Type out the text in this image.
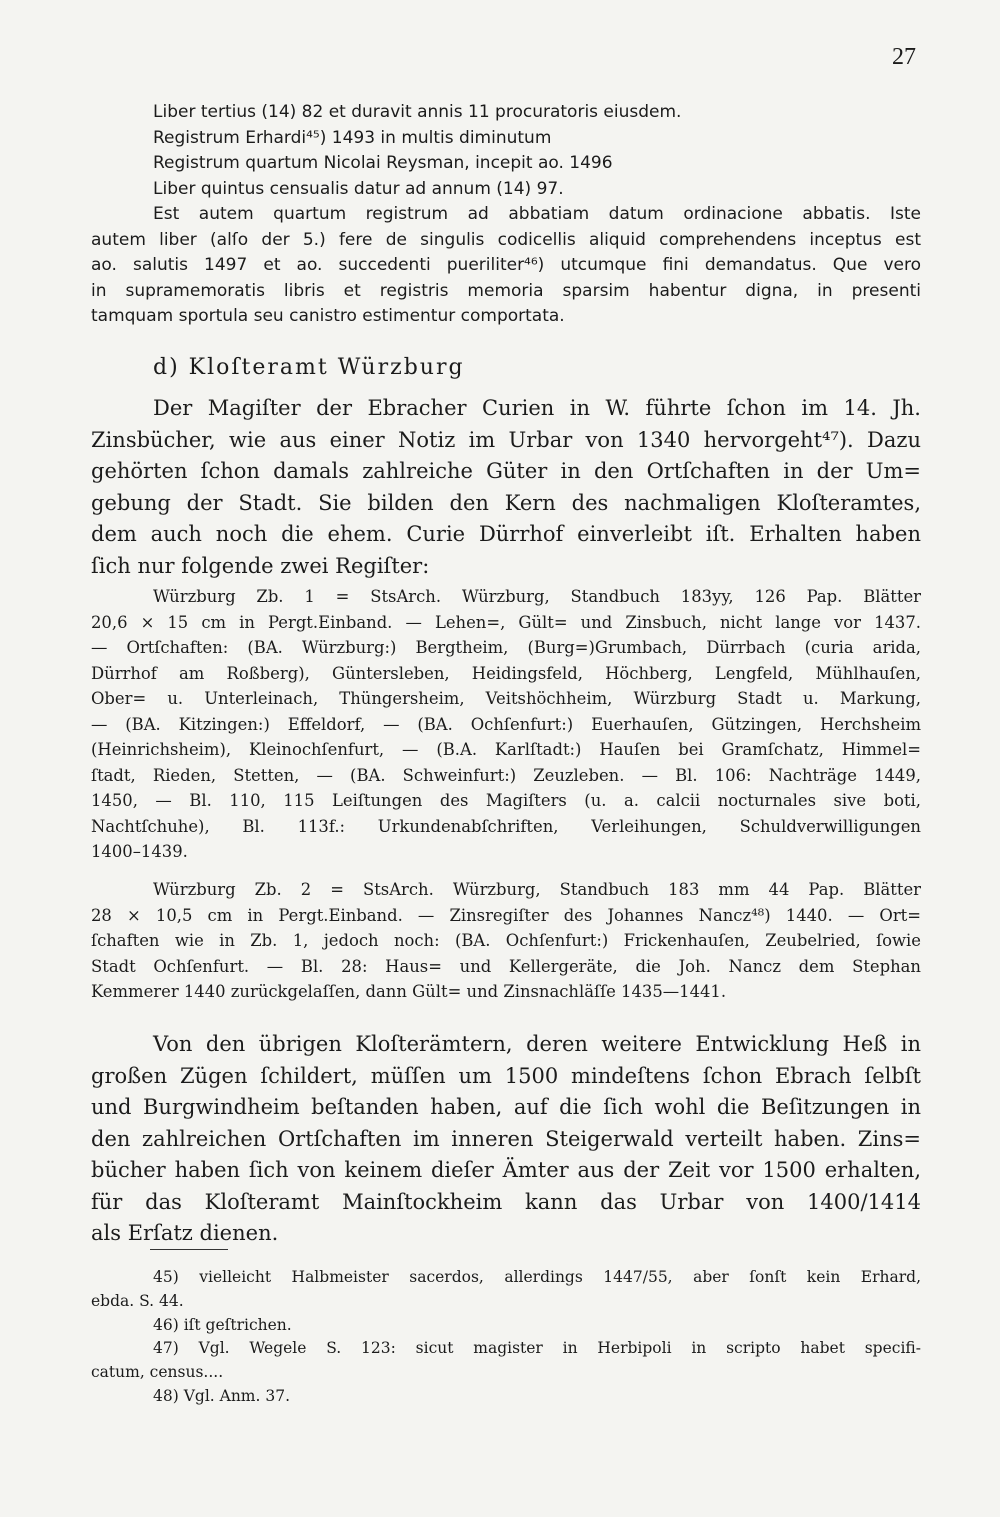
27
Liber tertius (14) 82 et duravit annis 11 procuratoris eiusdem.
Registrum Erhardi⁴⁵) 1493 in multis diminutum
Registrum quartum Nicolai Reysman, incepit ao. 1496
Liber quintus censualis datur ad annum (14) 97.
Est autem quartum registrum ad abbatiam datum ordinacione abbatis. Iste
autem liber (alſo der 5.) fere de singulis codicellis aliquid comprehendens inceptus est
ao. salutis 1497 et ao. succedenti pueriliter⁴⁶) utcumque fini demandatus. Que vero
in supramemoratis libris et registris memoria sparsim habentur digna, in presenti
tamquam sportula seu canistro estimentur comportata.
d) Kloſteramt Würzburg
Der Magiſter der Ebracher Curien in W. führte ſchon im 14. Jh.
Zinsbücher, wie aus einer Notiz im Urbar von 1340 hervorgeht⁴⁷). Dazu
gehörten ſchon damals zahlreiche Güter in den Ortſchaften in der Um=
gebung der Stadt. Sie bilden den Kern des nachmaligen Kloſteramtes,
dem auch noch die ehem. Curie Dürrhof einverleibt iſt. Erhalten haben
ſich nur folgende zwei Regiſter:
Würzburg Zb. 1 = StsArch. Würzburg, Standbuch 183yy, 126 Pap. Blätter
20,6 × 15 cm in Pergt.Einband. — Lehen=, Gült= und Zinsbuch, nicht lange vor 1437.
— Ortſchaften: (BA. Würzburg:) Bergtheim, (Burg=)Grumbach, Dürrbach (curia arida,
Dürrhof am Roßberg), Güntersleben, Heidingsfeld, Höchberg, Lengfeld, Mühlhauſen,
Ober= u. Unterleinach, Thüngersheim, Veitshöchheim, Würzburg Stadt u. Markung,
— (BA. Kitzingen:) Effeldorf, — (BA. Ochſenfurt:) Euerhauſen, Gützingen, Herchsheim
(Heinrichsheim), Kleinochſenfurt, — (B.A. Karlſtadt:) Hauſen bei Gramſchatz, Himmel=
ſtadt, Rieden, Stetten, — (BA. Schweinfurt:) Zeuzleben. — Bl. 106: Nachträge 1449,
1450, — Bl. 110, 115 Leiſtungen des Magiſters (u. a. calcii nocturnales sive boti,
Nachtſchuhe), Bl. 113f.: Urkundenabſchriften, Verleihungen, Schuldverwilligungen
1400–1439.
Würzburg Zb. 2 = StsArch. Würzburg, Standbuch 183 mm 44 Pap. Blätter
28 × 10,5 cm in Pergt.Einband. — Zinsregiſter des Johannes Nancz⁴⁸) 1440. — Ort=
ſchaften wie in Zb. 1, jedoch noch: (BA. Ochſenfurt:) Frickenhauſen, Zeubelried, ſowie
Stadt Ochſenfurt. — Bl. 28: Haus= und Kellergeräte, die Joh. Nancz dem Stephan
Kemmerer 1440 zurückgelaſſen, dann Gült= und Zinsnachläſſe 1435—1441.
Von den übrigen Kloſterämtern, deren weitere Entwicklung Heß in
großen Zügen ſchildert, müſſen um 1500 mindeſtens ſchon Ebrach ſelbſt
und Burgwindheim beſtanden haben, auf die ſich wohl die Beſitzungen in
den zahlreichen Ortſchaften im inneren Steigerwald verteilt haben. Zins=
bücher haben ſich von keinem dieſer Ämter aus der Zeit vor 1500 erhalten,
für das Kloſteramt Mainſtockheim kann das Urbar von 1400/1414
als Erſatz dienen.
45) vielleicht Halbmeister sacerdos, allerdings 1447/55, aber ſonſt kein Erhard,
ebda. S. 44.
46) iſt geſtrichen.
47) Vgl. Wegele S. 123: sicut magister in Herbipoli in scripto habet specifi-
catum, census....
48) Vgl. Anm. 37.
